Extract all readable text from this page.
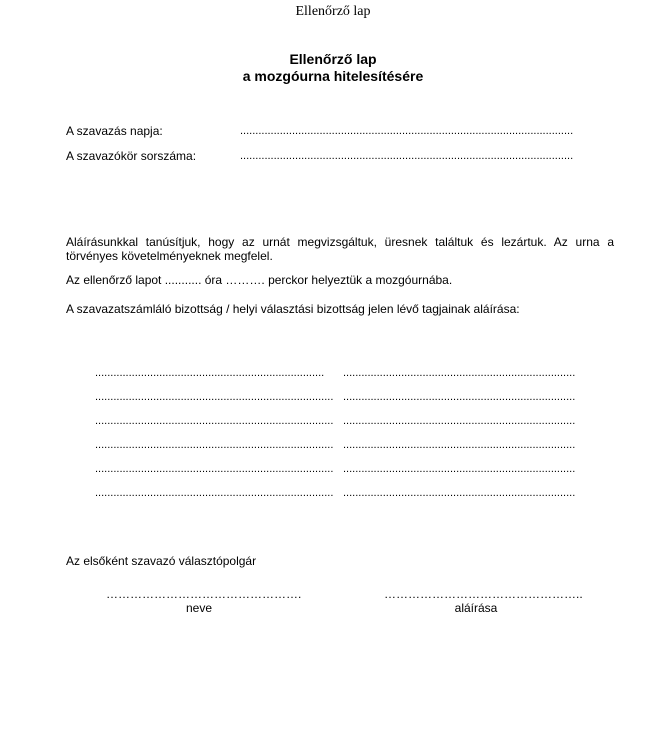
Ellenőrző lap
Ellenőrző lap
a mozgóurna hitelesítésére
A szavazás napja:	.............................................................................................................
A szavazókör sorszáma:	.............................................................................................................
Aláírásunkkal tanúsítjuk, hogy az urnát megvizsgáltuk, üresnek találtuk és lezártuk. Az urna a törvényes követelményeknek megfelel.
Az ellenőrző lapot ........... óra ………. perckor helyeztük a mozgóurnába.
A szavazatszámláló bizottság / helyi választási bizottság jelen lévő tagjainak aláírása:
...........................................................................
..............................................................................
..............................................................................
..............................................................................
..............................................................................
..............................................................................
............................................................................
............................................................................
............................................................................
............................................................................
............................................................................
............................................................................
Az elsőként szavazó választópolgár
………………………………………….
neve
…………………………………………..
aláírása
